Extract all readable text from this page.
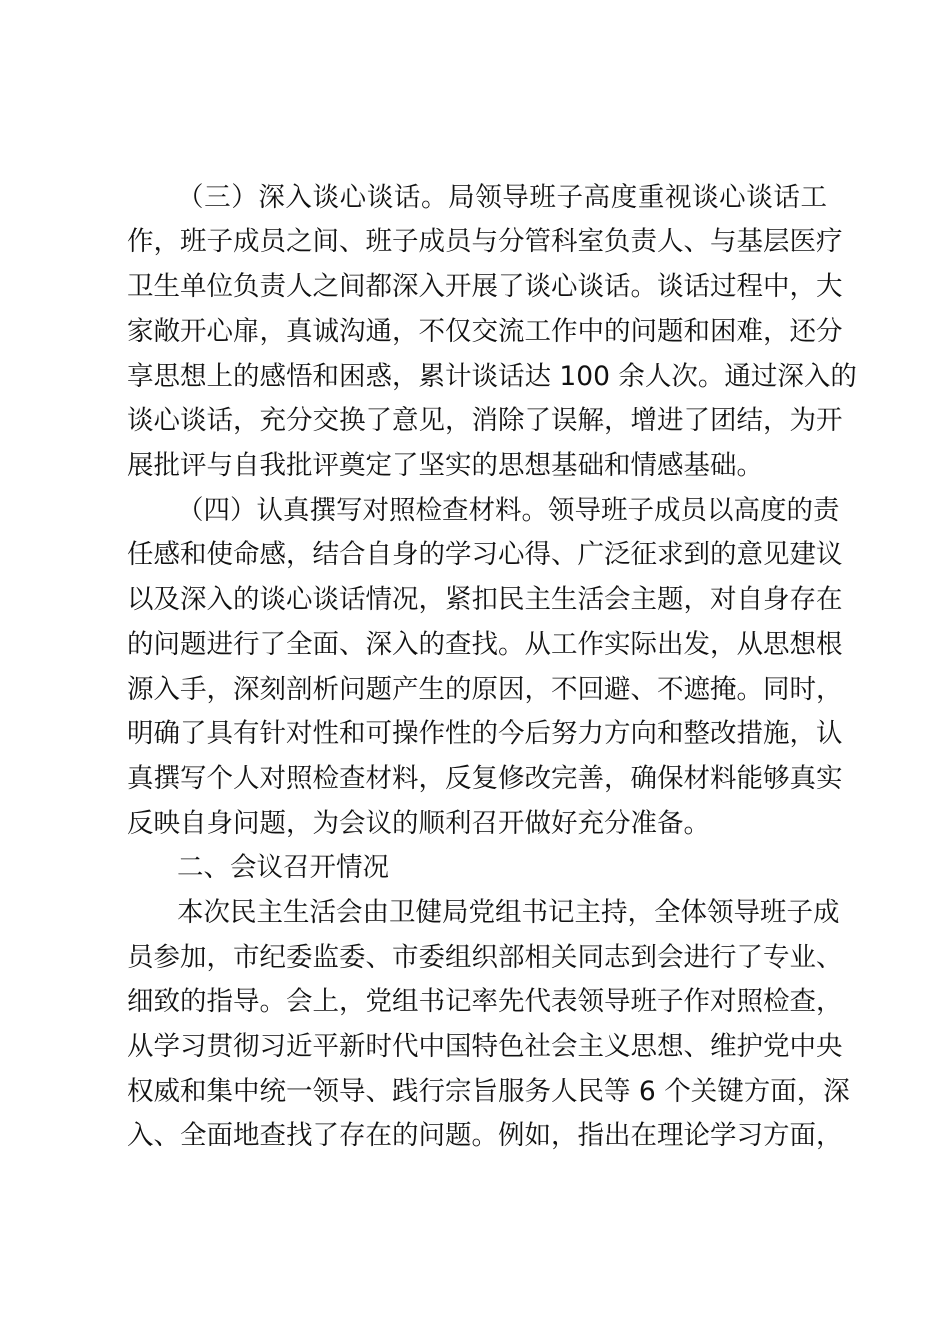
（三）深入谈心谈话。局领导班子高度重视谈心谈话工
作，班子成员之间、班子成员与分管科室负责人、与基层医疗
卫生单位负责人之间都深入开展了谈心谈话。谈话过程中，大
家敞开心扉，真诚沟通，不仅交流工作中的问题和困难，还分
享思想上的感悟和困惑，累计谈话达 100 余人次。通过深入的
谈心谈话，充分交换了意见，消除了误解，增进了团结，为开
展批评与自我批评奠定了坚实的思想基础和情感基础。
（四）认真撰写对照检查材料。领导班子成员以高度的责
任感和使命感，结合自身的学习心得、广泛征求到的意见建议
以及深入的谈心谈话情况，紧扣民主生活会主题，对自身存在
的问题进行了全面、深入的查找。从工作实际出发，从思想根
源入手，深刻剖析问题产生的原因，不回避、不遮掩。同时，
明确了具有针对性和可操作性的今后努力方向和整改措施，认
真撰写个人对照检查材料，反复修改完善，确保材料能够真实
反映自身问题，为会议的顺利召开做好充分准备。
二、会议召开情况
本次民主生活会由卫健局党组书记主持，全体领导班子成
员参加，市纪委监委、市委组织部相关同志到会进行了专业、
细致的指导。会上，党组书记率先代表领导班子作对照检查，
从学习贯彻习近平新时代中国特色社会主义思想、维护党中央
权威和集中统一领导、践行宗旨服务人民等 6 个关键方面，深
入、全面地查找了存在的问题。例如，指出在理论学习方面，
